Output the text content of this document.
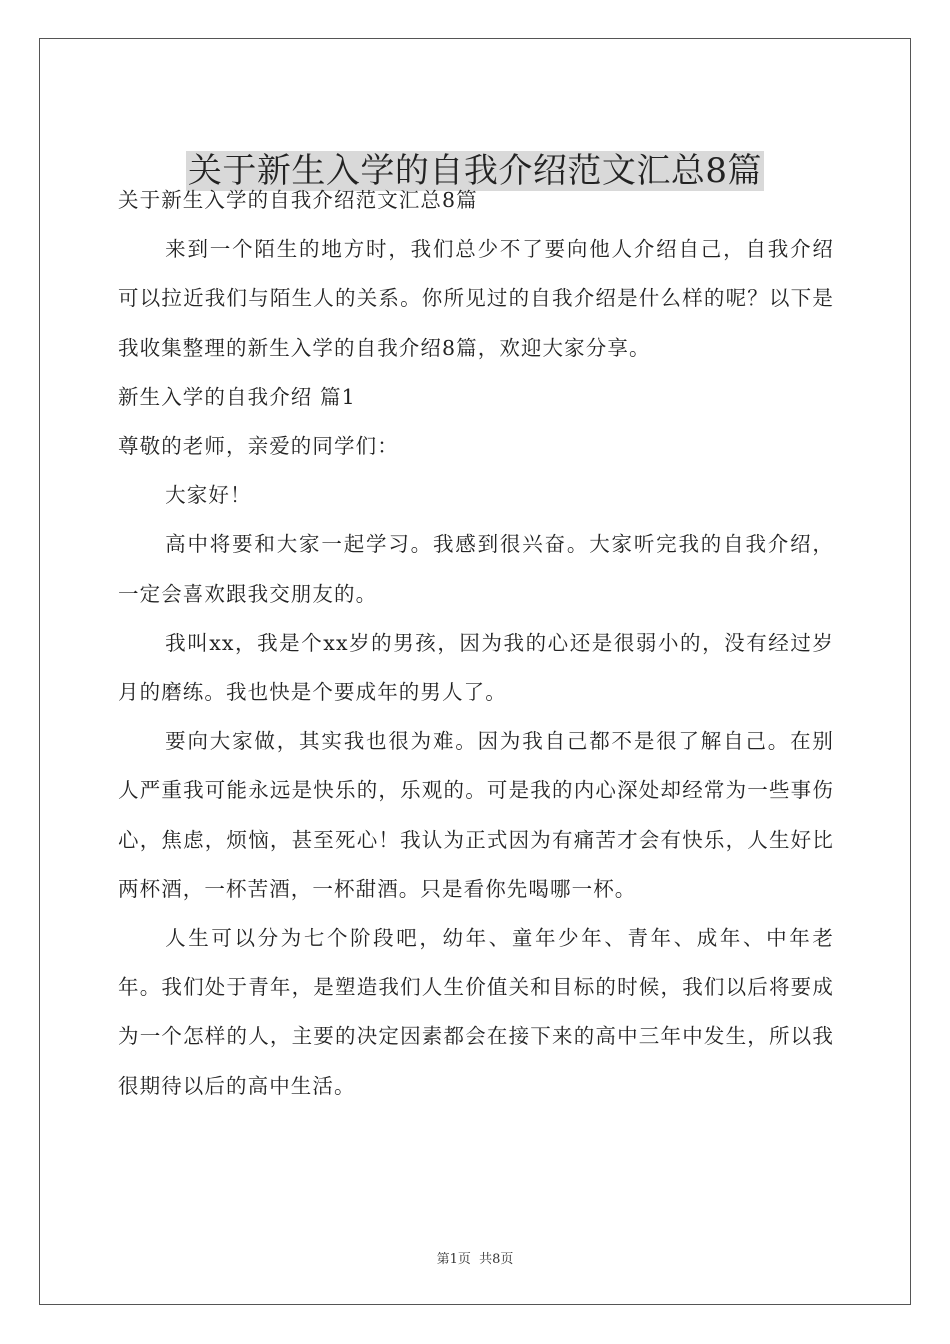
关于新生入学的自我介绍范文汇总8篇

关于新生入学的自我介绍范文汇总8篇

来到一个陌生的地方时，我们总少不了要向他人介绍自己，自我介绍可以拉近我们与陌生人的关系。你所见过的自我介绍是什么样的呢？以下是我收集整理的新生入学的自我介绍8篇，欢迎大家分享。

新生入学的自我介绍 篇1

尊敬的老师，亲爱的同学们：

大家好！

高中将要和大家一起学习。我感到很兴奋。大家听完我的自我介绍，一定会喜欢跟我交朋友的。

我叫xx，我是个xx岁的男孩，因为我的心还是很弱小的，没有经过岁月的磨练。我也快是个要成年的男人了。

要向大家做，其实我也很为难。因为我自己都不是很了解自己。在别人严重我可能永远是快乐的，乐观的。可是我的内心深处却经常为一些事伤心，焦虑，烦恼，甚至死心！我认为正式因为有痛苦才会有快乐，人生好比两杯酒，一杯苦酒，一杯甜酒。只是看你先喝哪一杯。

人生可以分为七个阶段吧，幼年、童年少年、青年、成年、中年老年。我们处于青年，是塑造我们人生价值关和目标的时候，我们以后将要成为一个怎样的人，主要的决定因素都会在接下来的高中三年中发生，所以我很期待以后的高中生活。

第1页 共8页
